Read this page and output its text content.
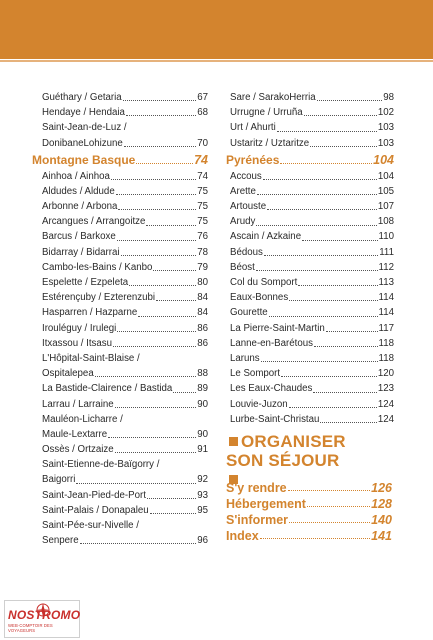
Guéthary / Getaria	67
Hendaye / Hendaia	68
Saint-Jean-de-Luz /
DonibaneLohizune	70
Montagne Basque	74
Ainhoa / Ainhoa	74
Aldudes / Aldude	75
Arbonne / Arbona	75
Arcangues / Arrangoitze	75
Barcus / Barkoxe	76
Bidarray / Bidarrai	78
Cambo-les-Bains / Kanbo	79
Espelette / Ezpeleta	80
Estérençuby / Ezterenzubi	84
Hasparren / Hazparne	84
Irouléguy / Irulegi	86
Itxassou / Itsasu	86
L'Hôpital-Saint-Blaise /
Ospitalepea	88
La Bastide-Clairence / Bastida	89
Larrau / Larraine	90
Mauléon-Licharre /
Maule-Lextarre	90
Ossès / Ortzaize	91
Saint-Etienne-de-Baïgorry /
Baigorri	92
Saint-Jean-Pied-de-Port	93
Saint-Palais / Donapaleu	95
Saint-Pée-sur-Nivelle /
Senpere	96
Sare / SarakoHerria	98
Urrugne / Urruña	102
Urt / Ahurti	103
Ustaritz / Uztaritze	103
Pyrénées	104
Accous	104
Arette	105
Artouste	107
Arudy	108
Ascain / Azkaine	110
Bédous	111
Béost	112
Col du Somport	113
Eaux-Bonnes	114
Gourette	114
La Pierre-Saint-Martin	117
Lanne-en-Barétous	118
Laruns	118
Le Somport	120
Les Eaux-Chaudes	123
Louvie-Juzon	124
Lurbe-Saint-Christau	124
ORGANISER
SON SÉJOUR
S'y rendre	126
Hébergement	128
S'informer	140
Index	141
NOSTROMO
WEB·COMPTOIR DES VOYAGEURS
